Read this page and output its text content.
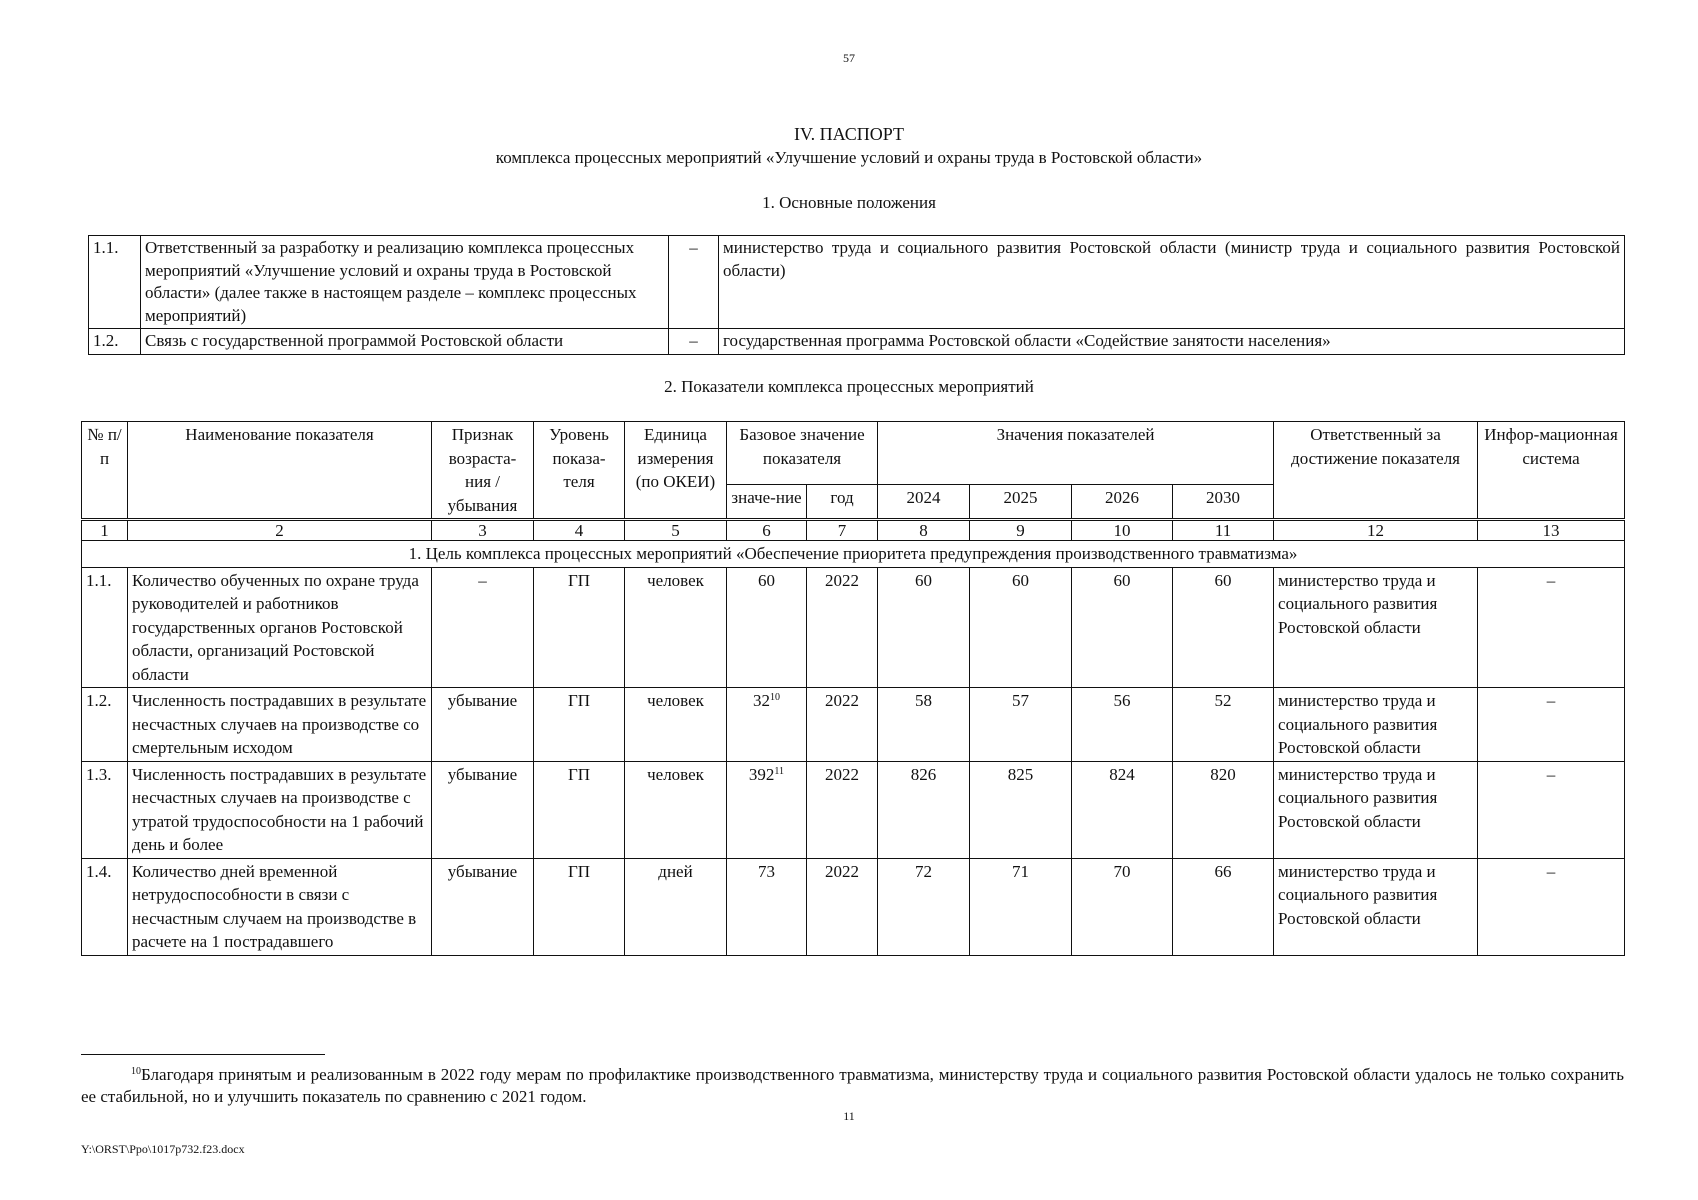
57
IV. ПАСПОРТ
комплекса процессных мероприятий «Улучшение условий и охраны труда в Ростовской области»
1. Основные положения
1.1.	Ответственный за разработку и реализацию комплекса процессных мероприятий «Улучшение условий и охраны труда в Ростовской области» (далее также в настоящем разделе – комплекс процессных мероприятий)	–	министерство труда и социального развития Ростовской области (министр труда и социального развития Ростовской области)
1.2.	Связь с государственной программой Ростовской области	–	государственная программа Ростовской области «Содействие занятости населения»
2. Показатели комплекса процессных мероприятий
№ п/п	Наименование показателя	Признак возраста-ния / убывания	Уровень показа-теля	Единица измерения (по ОКЕИ)	Базовое значение показателя		Значения показателей				Ответственный за достижение показателя	Инфор-мационная система
					значе-ние	год	2024	2025	2026	2030		
1	2	3	4	5	6	7	8	9	10	11	12	13
1. Цель комплекса процессных мероприятий «Обеспечение приоритета предупреждения производственного травматизма»												
1.1.	Количество обученных по охране труда руководителей и работников государственных органов Ростовской области, организаций Ростовской области	–	ГП	человек	60	2022	60	60	60	60	министерство труда и социального развития Ростовской области	–
1.2.	Численность пострадавших в результате несчастных случаев на производстве со смертельным исходом	убывание	ГП	человек	$32^{10}$	2022	58	57	56	52	министерство труда и социального развития Ростовской области	–
1.3.	Численность пострадавших в результате несчастных случаев на производстве с утратой трудоспособности на 1 рабочий день и более	убывание	ГП	человек	$392^{11}$	2022	826	825	824	820	министерство труда и социального развития Ростовской области	–
1.4.	Количество дней временной нетрудоспособности в связи с несчастным случаем на производстве в расчете на 1 пострадавшего	убывание	ГП	дней	73	2022	72	71	70	66	министерство труда и социального развития Ростовской области	–
$^{10}$Благодаря принятым и реализованным в 2022 году мерам по профилактике производственного травматизма, министерству труда и социального развития Ростовской области удалось не только сохранить ее стабильной, но и улучшить показатель по сравнению с 2021 годом.
11
Y:\ORST\Ppo\1017p732.f23.docx
